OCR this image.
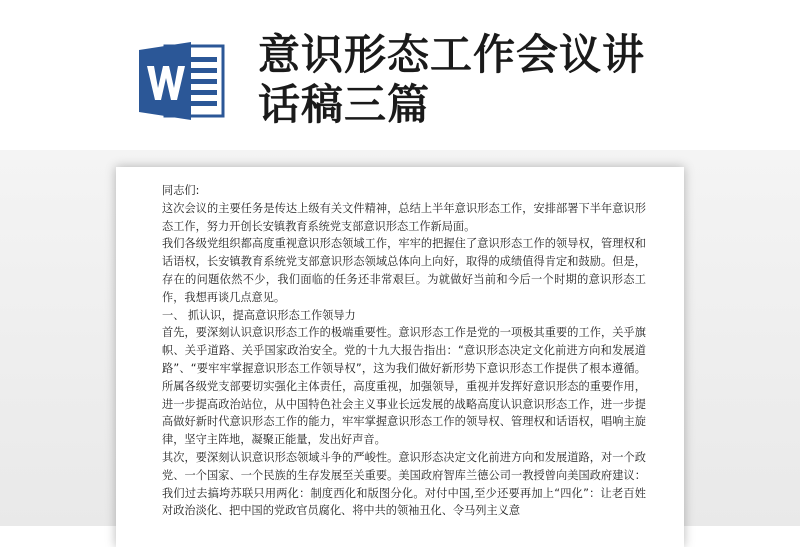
意识形态工作会议讲
话稿三篇

同志们:

这次会议的主要任务是传达上级有关文件精神，总结上半年意识形态工作，安排部署下半年意识形态工作，努力开创长安镇教育系统党支部意识形态工作新局面。

我们各级党组织都高度重视意识形态领域工作，牢牢的把握住了意识形态工作的领导权，管理权和话语权，长安镇教育系统党支部意识形态领域总体向上向好，取得的成绩值得肯定和鼓励。但是，存在的问题依然不少，我们面临的任务还非常艰巨。为就做好当前和今后一个时期的意识形态工作，我想再谈几点意见。

一、 抓认识，提高意识形态工作领导力

首先，要深刻认识意识形态工作的极端重要性。意识形态工作是党的一项极其重要的工作，关乎旗帜、关乎道路、关乎国家政治安全。党的十九大报告指出：“意识形态决定文化前进方向和发展道路”、“要牢牢掌握意识形态工作领导权”，这为我们做好新形势下意识形态工作提供了根本遵循。所属各级党支部要切实强化主体责任，高度重视，加强领导，重视并发挥好意识形态的重要作用，进一步提高政治站位，从中国特色社会主义事业长远发展的战略高度认识意识形态工作，进一步提高做好新时代意识形态工作的能力，牢牢掌握意识形态工作的领导权、管理权和话语权，唱响主旋律，坚守主阵地，凝聚正能量，发出好声音。

其次，要深刻认识意识形态领域斗争的严峻性。意识形态决定文化前进方向和发展道路，对一个政党、一个国家、一个民族的生存发展至关重要。美国政府智库兰德公司一教授曾向美国政府建议：我们过去搞垮苏联只用两化：制度西化和版图分化。对付中国,至少还要再加上“四化”：让老百姓对政治淡化、把中国的党政官员腐化、将中共的领袖丑化、令马列主义意
